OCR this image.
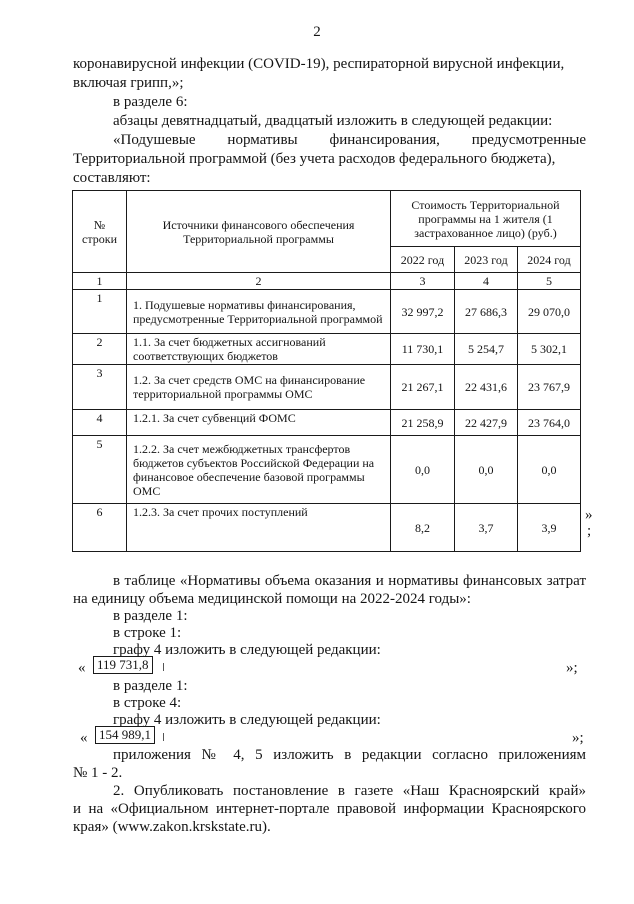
2
коронавирусной инфекции (COVID-19), респираторной вирусной инфекции,
включая грипп,»;
в разделе 6:
абзацы девятнадцатый, двадцатый изложить в следующей редакции:
«Подушевые нормативы финансирования, предусмотренные
Территориальной программой (без учета расходов федерального бюджета),
составляют:
№ строки	Источники финансового обеспечения Территориальной программы	Стоимость Территориальной программы на 1 жителя (1 застрахованное лицо) (руб.)		
		2022 год	2023 год	2024 год
1	2	3	4	5
1	1. Подушевые нормативы финансирования, предусмотренные Территориальной программой	32 997,2	27 686,3	29 070,0
2	1.1. За счет бюджетных ассигнований соответствующих бюджетов	11 730,1	5 254,7	5 302,1
3	1.2. За счет средств ОМС на финансирование территориальной программы ОМС	21 267,1	22 431,6	23 767,9
4	1.2.1. За счет субвенций ФОМС	21 258,9	22 427,9	23 764,0
5	1.2.2. За счет межбюджетных трансфертов бюджетов субъектов Российской Федерации на финансовое обеспечение базовой программы ОМС	0,0	0,0	0,0
6	1.2.3. За счет прочих поступлений	8,2	3,7	3,9
»
;
в таблице «Нормативы объема оказания и нормативы финансовых затрат
на единицу объема медицинской помощи на 2022-2024 годы»:
в разделе 1:
в строке 1:
графу 4 изложить в следующей редакции:
« 119 731,8	»;
в разделе 1:
в строке 4:
графу 4 изложить в следующей редакции:
« 154 989,1	»;
приложения № 4, 5 изложить в редакции согласно приложениям
№ 1 - 2.
2. Опубликовать постановление в газете «Наш Красноярский край»
и на «Официальном интернет-портале правовой информации Красноярского
края» (www.zakon.krskstate.ru).
